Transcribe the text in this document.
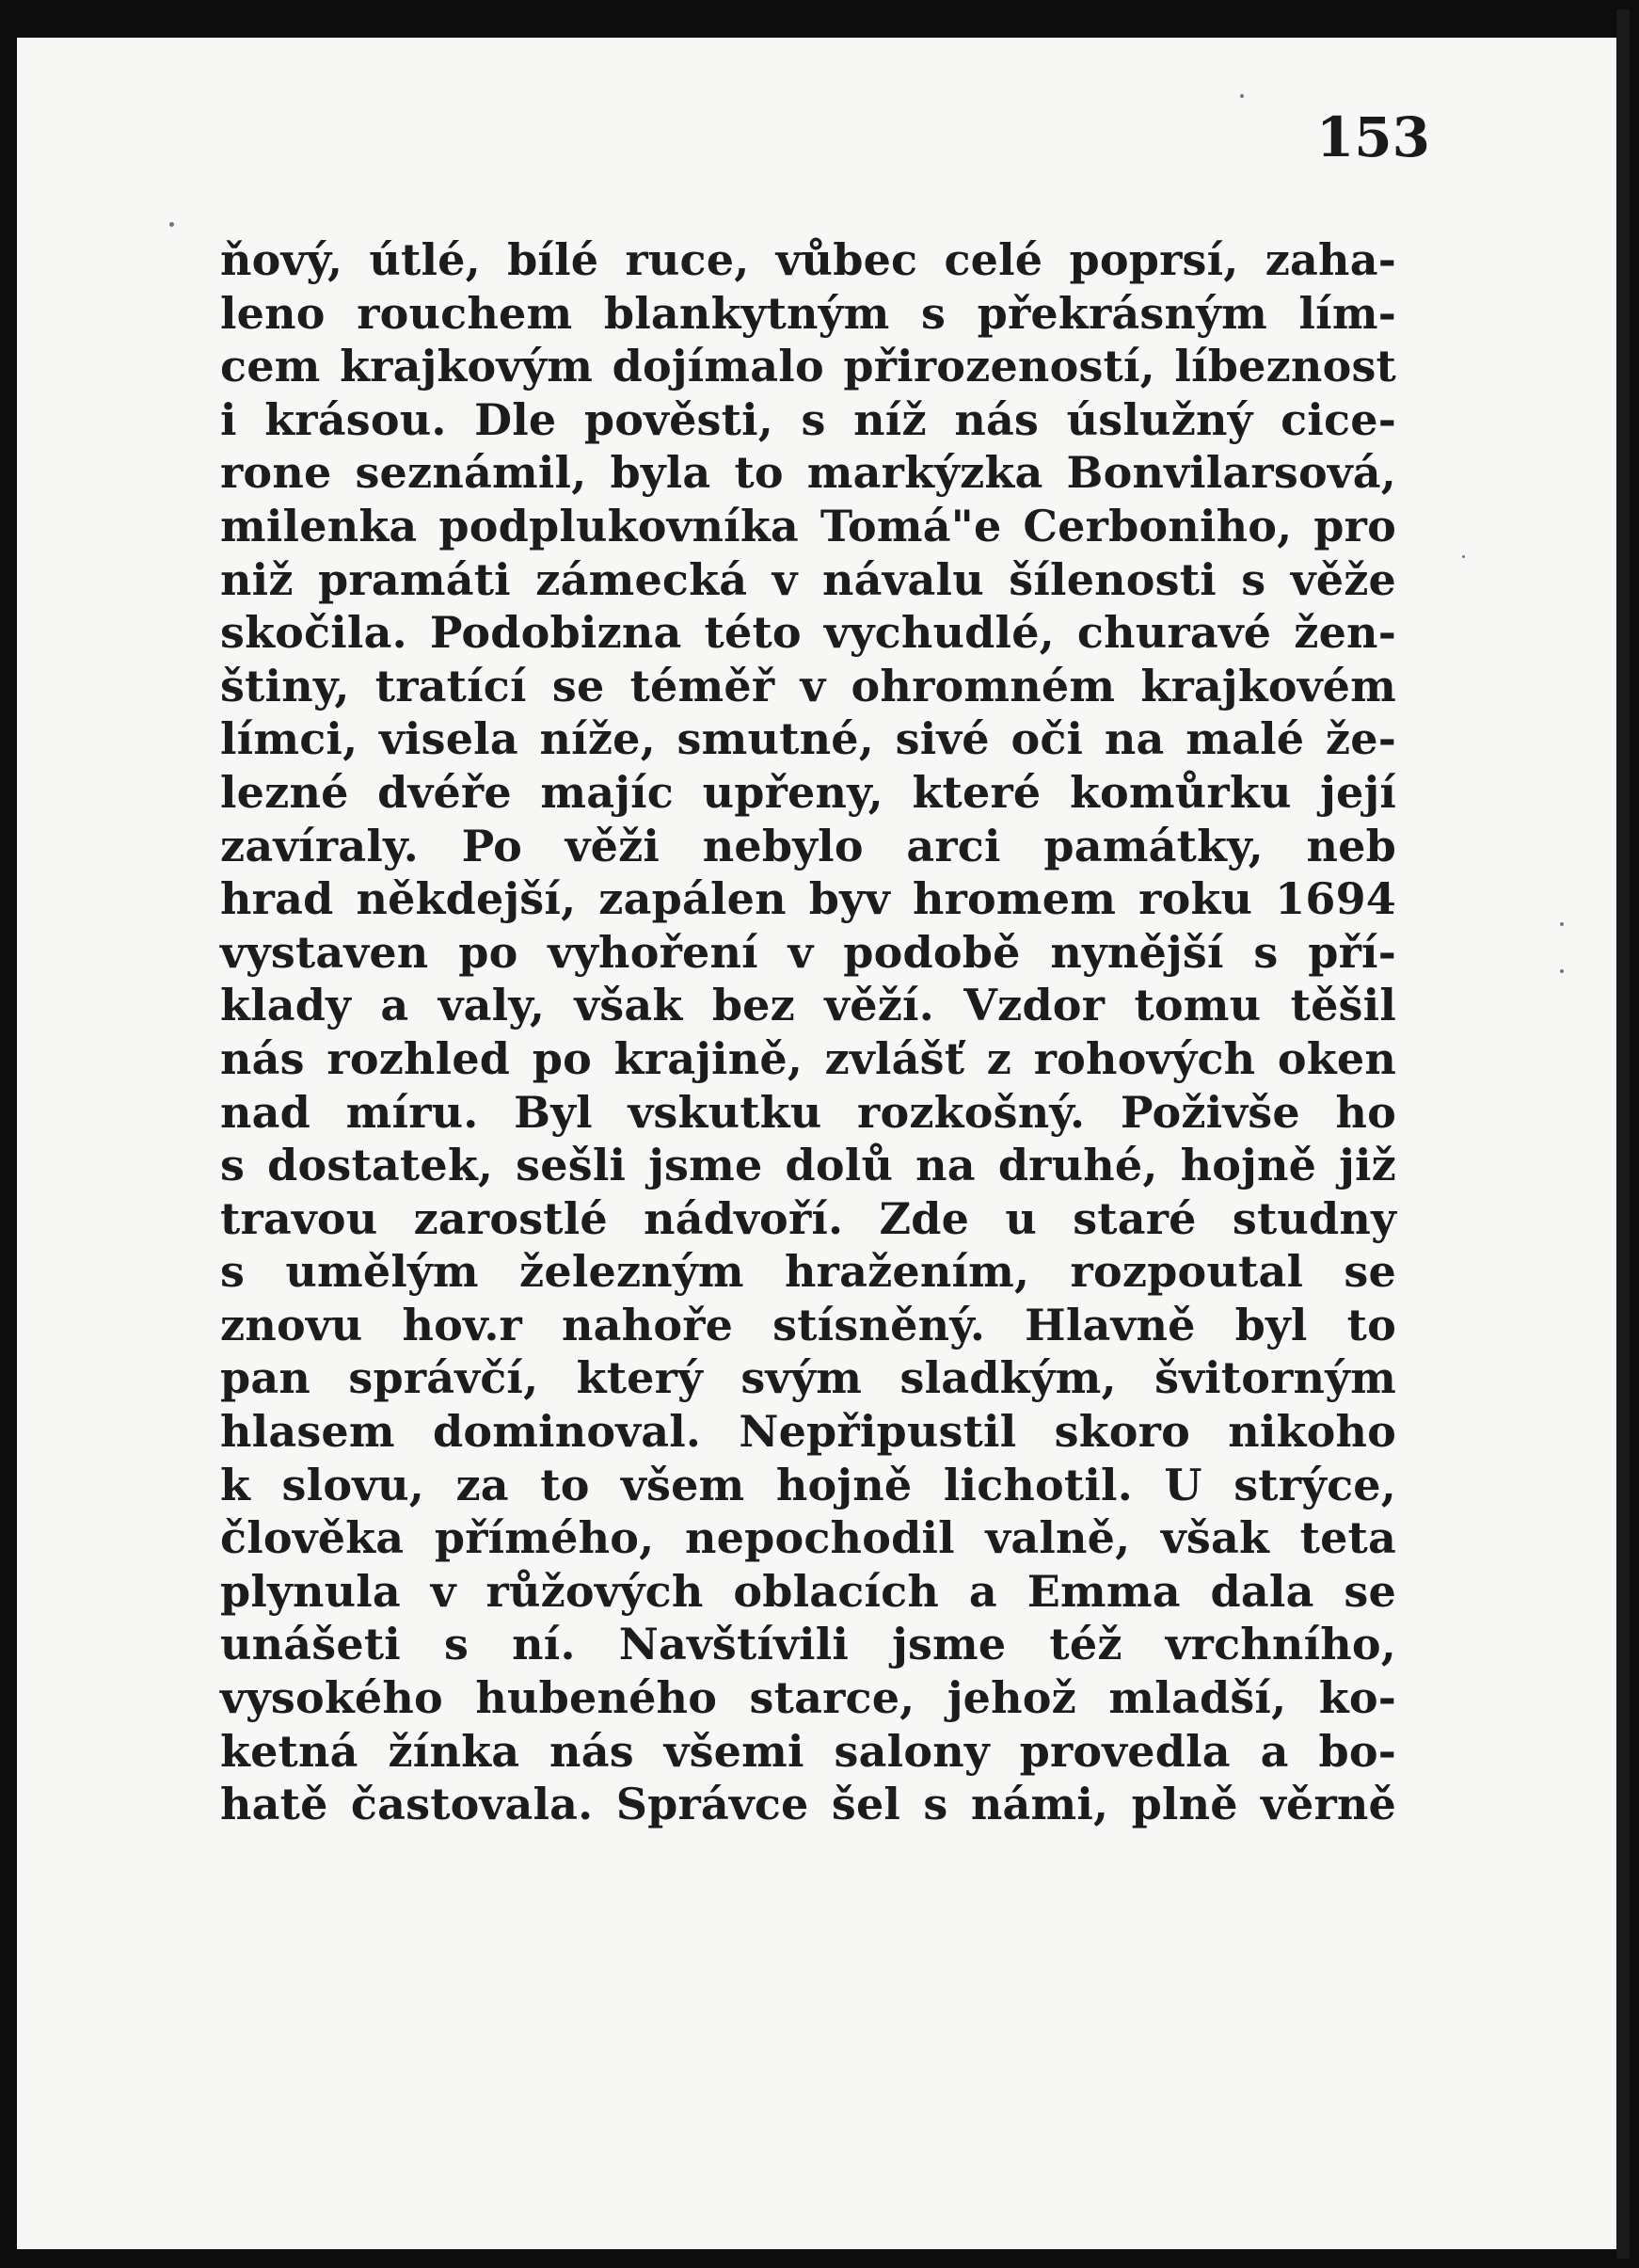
153

ňový, útlé, bílé ruce, vůbec celé poprsí, zaha-
leno rouchem blankytným s překrásným lím-
cem krajkovým dojímalo přirozeností, líbeznost
i krásou. Dle pověsti, s níž nás úslužný cice-
rone seznámil, byla to markýzka Bonvilarsová,
milenka podplukovníka Tomá"e Cerboniho, pro
niž pramáti zámecká v návalu šílenosti s věže
skočila. Podobizna této vychudlé, churavé žen-
štiny, tratící se téměř v ohromném krajkovém
límci, visela níže, smutné, sivé oči na malé že-
lezné dvéře majíc upřeny, které komůrku její
zavíraly. Po věži nebylo arci památky, neb
hrad někdejší, zapálen byv hromem roku 1694
vystaven po vyhoření v podobě nynější s pří-
klady a valy, však bez věží. Vzdor tomu těšil
nás rozhled po krajině, zvlášť z rohových oken
nad míru. Byl vskutku rozkošný. Poživše ho
s dostatek, sešli jsme dolů na druhé, hojně již
travou zarostlé nádvoří. Zde u staré studny
s umělým železným hražením, rozpoutal se
znovu hov.r nahoře stísněný. Hlavně byl to
pan správčí, který svým sladkým, švitorným
hlasem dominoval. Nepřipustil skoro nikoho
k slovu, za to všem hojně lichotil. U strýce,
člověka přímého, nepochodil valně, však teta
plynula v růžových oblacích a Emma dala se
unášeti s ní. Navštívili jsme též vrchního,
vysokého hubeného starce, jehož mladší, ko-
ketná žínka nás všemi salony provedla a bo-
hatě častovala. Správce šel s námi, plně věrně
